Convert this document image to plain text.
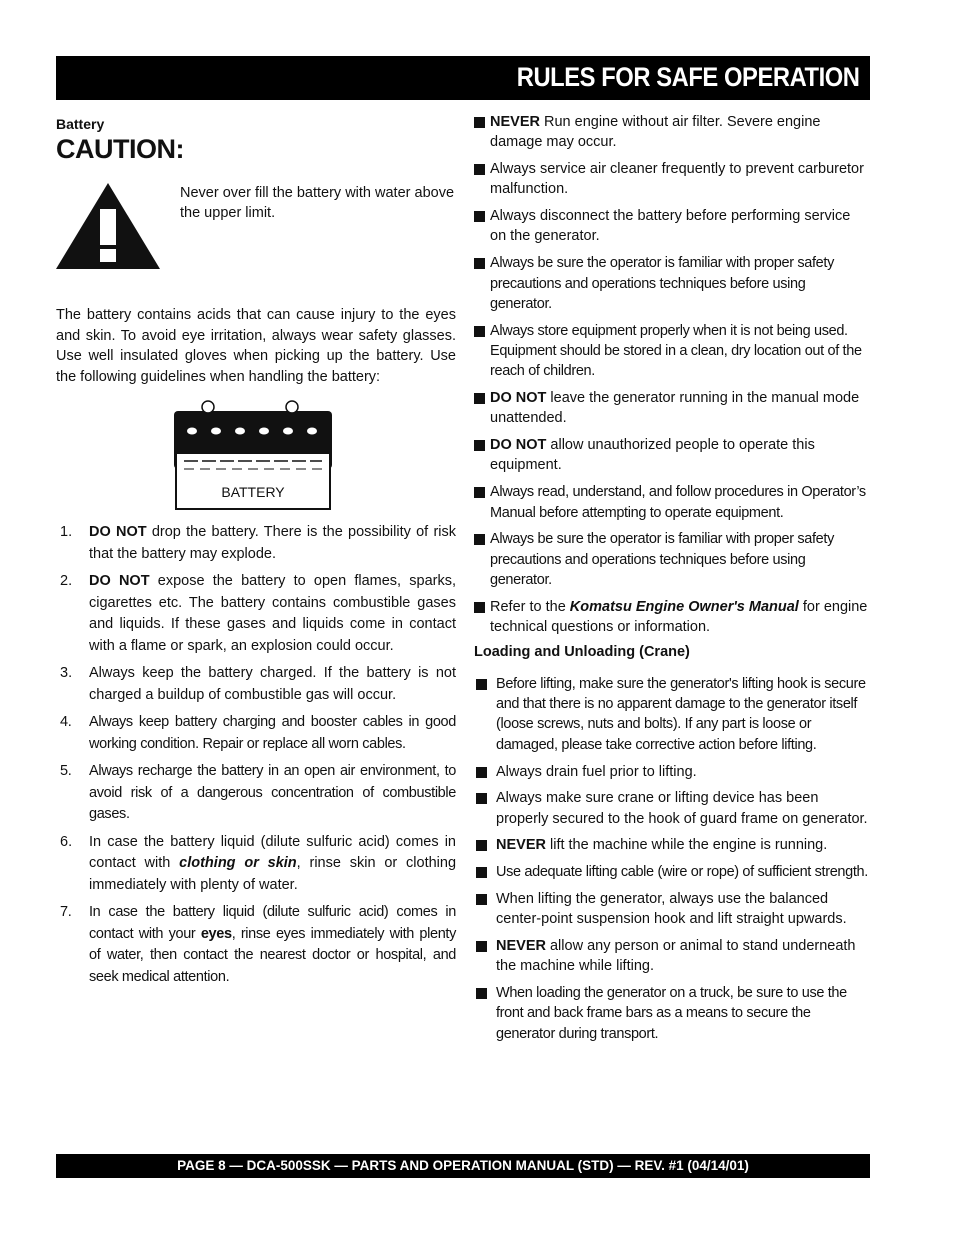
RULES FOR SAFE OPERATION
Battery
CAUTION:
Never over fill the battery with water above the upper limit.

The battery contains acids that can cause injury to the eyes and skin. To avoid eye irritation, always wear safety glasses. Use well insulated gloves when picking up the battery. Use the following guidelines when handling the battery:

BATTERY
1. DO NOT drop the battery. There is the possibility of risk that the battery may explode.
2. DO NOT expose the battery to open flames, sparks, cigarettes etc. The battery contains combustible gases and liquids. If these gases and liquids come in contact with a flame or spark, an explosion could occur.
3. Always keep the battery charged. If the battery is not charged a buildup of combustible gas will occur.
4. Always keep battery charging and booster cables in good working condition. Repair or replace all worn cables.
5. Always recharge the battery in an open air environment, to avoid risk of a dangerous concentration of combustible gases.
6. In case the battery liquid (dilute sulfuric acid) comes in contact with clothing or skin, rinse skin or clothing immediately with plenty of water.
7. In case the battery liquid (dilute sulfuric acid) comes in contact with your eyes, rinse eyes immediately with plenty of water, then contact the nearest doctor or hospital, and seek medical attention.
NEVER Run engine without air filter. Severe engine damage may occur.
Always service air cleaner frequently to prevent carburetor malfunction.
Always disconnect the battery before performing service on the generator.
Always be sure the operator is familiar with proper safety precautions and operations techniques before using generator.
Always store equipment properly when it is not being used. Equipment should be stored in a clean, dry location out of the reach of children.
DO NOT leave the generator running in the manual mode unattended.
DO NOT allow unauthorized people to operate this equipment.
Always read, understand, and follow procedures in Operator’s Manual before attempting to operate equipment.
Always be sure the operator is familiar with proper safety precautions and operations techniques before using generator.
Refer to the Komatsu Engine Owner's Manual for engine technical questions or information.
Loading and Unloading (Crane)
Before lifting, make sure the generator's lifting hook is secure and that there is no apparent damage to the generator itself (loose screws, nuts and bolts). If any part is loose or damaged, please take corrective action before lifting.
Always drain fuel prior to lifting.
Always make sure crane or lifting device has been properly secured to the hook of guard frame on generator.
NEVER lift the machine while the engine is running.
Use adequate lifting cable (wire or rope) of sufficient strength.
When lifting the generator, always use the balanced center-point suspension hook and lift straight upwards.
NEVER allow any person or animal to stand underneath the machine while lifting.
When loading the generator on a truck, be sure to use the front and back frame bars as a means to secure the generator during transport.
PAGE 8 — DCA-500SSK — PARTS AND OPERATION MANUAL (STD) — REV. #1 (04/14/01)
